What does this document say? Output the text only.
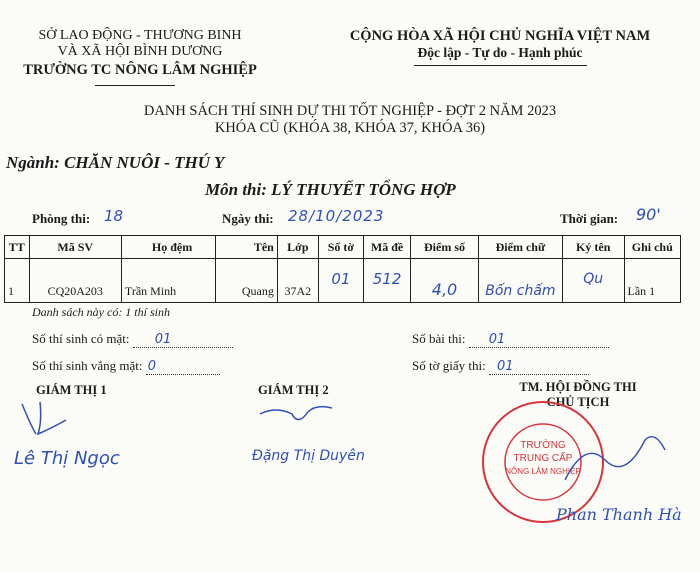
SỞ LAO ĐỘNG - THƯƠNG BINH
VÀ XÃ HỘI BÌNH DƯƠNG
TRƯỜNG TC NÔNG LÂM NGHIỆP
CỘNG HÒA XÃ HỘI CHỦ NGHĨA VIỆT NAM
Độc lập - Tự do - Hạnh phúc
DANH SÁCH THÍ SINH DỰ THI TỐT NGHIỆP - ĐỢT 2 NĂM 2023
KHÓA CŨ (KHÓA 38, KHÓA 37, KHÓA 36)
Ngành: CHĂN NUÔI - THÚ Y
Môn thi: LÝ THUYẾT TỔNG HỢP
Phòng thi: 18	Ngày thi: 28/10/2023	Thời gian: 90'
TT	Mã SV	Họ đệm	Tên	Lớp	Số tờ	Mã đề	Điểm số	Điểm chữ	Ký tên	Ghi chú
1	CQ20A203	Trần Minh	Quang	37A2	01	512	4,0	Bốn chấm	Qu	Lần 1
Danh sách này có: 1 thí sinh
Số thí sinh có mặt: 01
Số thí sinh vắng mặt: 0
Số bài thi: 01
Số tờ giấy thi: 01
GIÁM THỊ 1
Lê Thị Ngọc
GIÁM THỊ 2
Đặng Thị Duyên
TM. HỘI ĐỒNG THI
CHỦ TỊCH
TRƯỜNG
TRUNG CẤP
NÔNG LÂM NGHIỆP
Phan Thanh Hà
